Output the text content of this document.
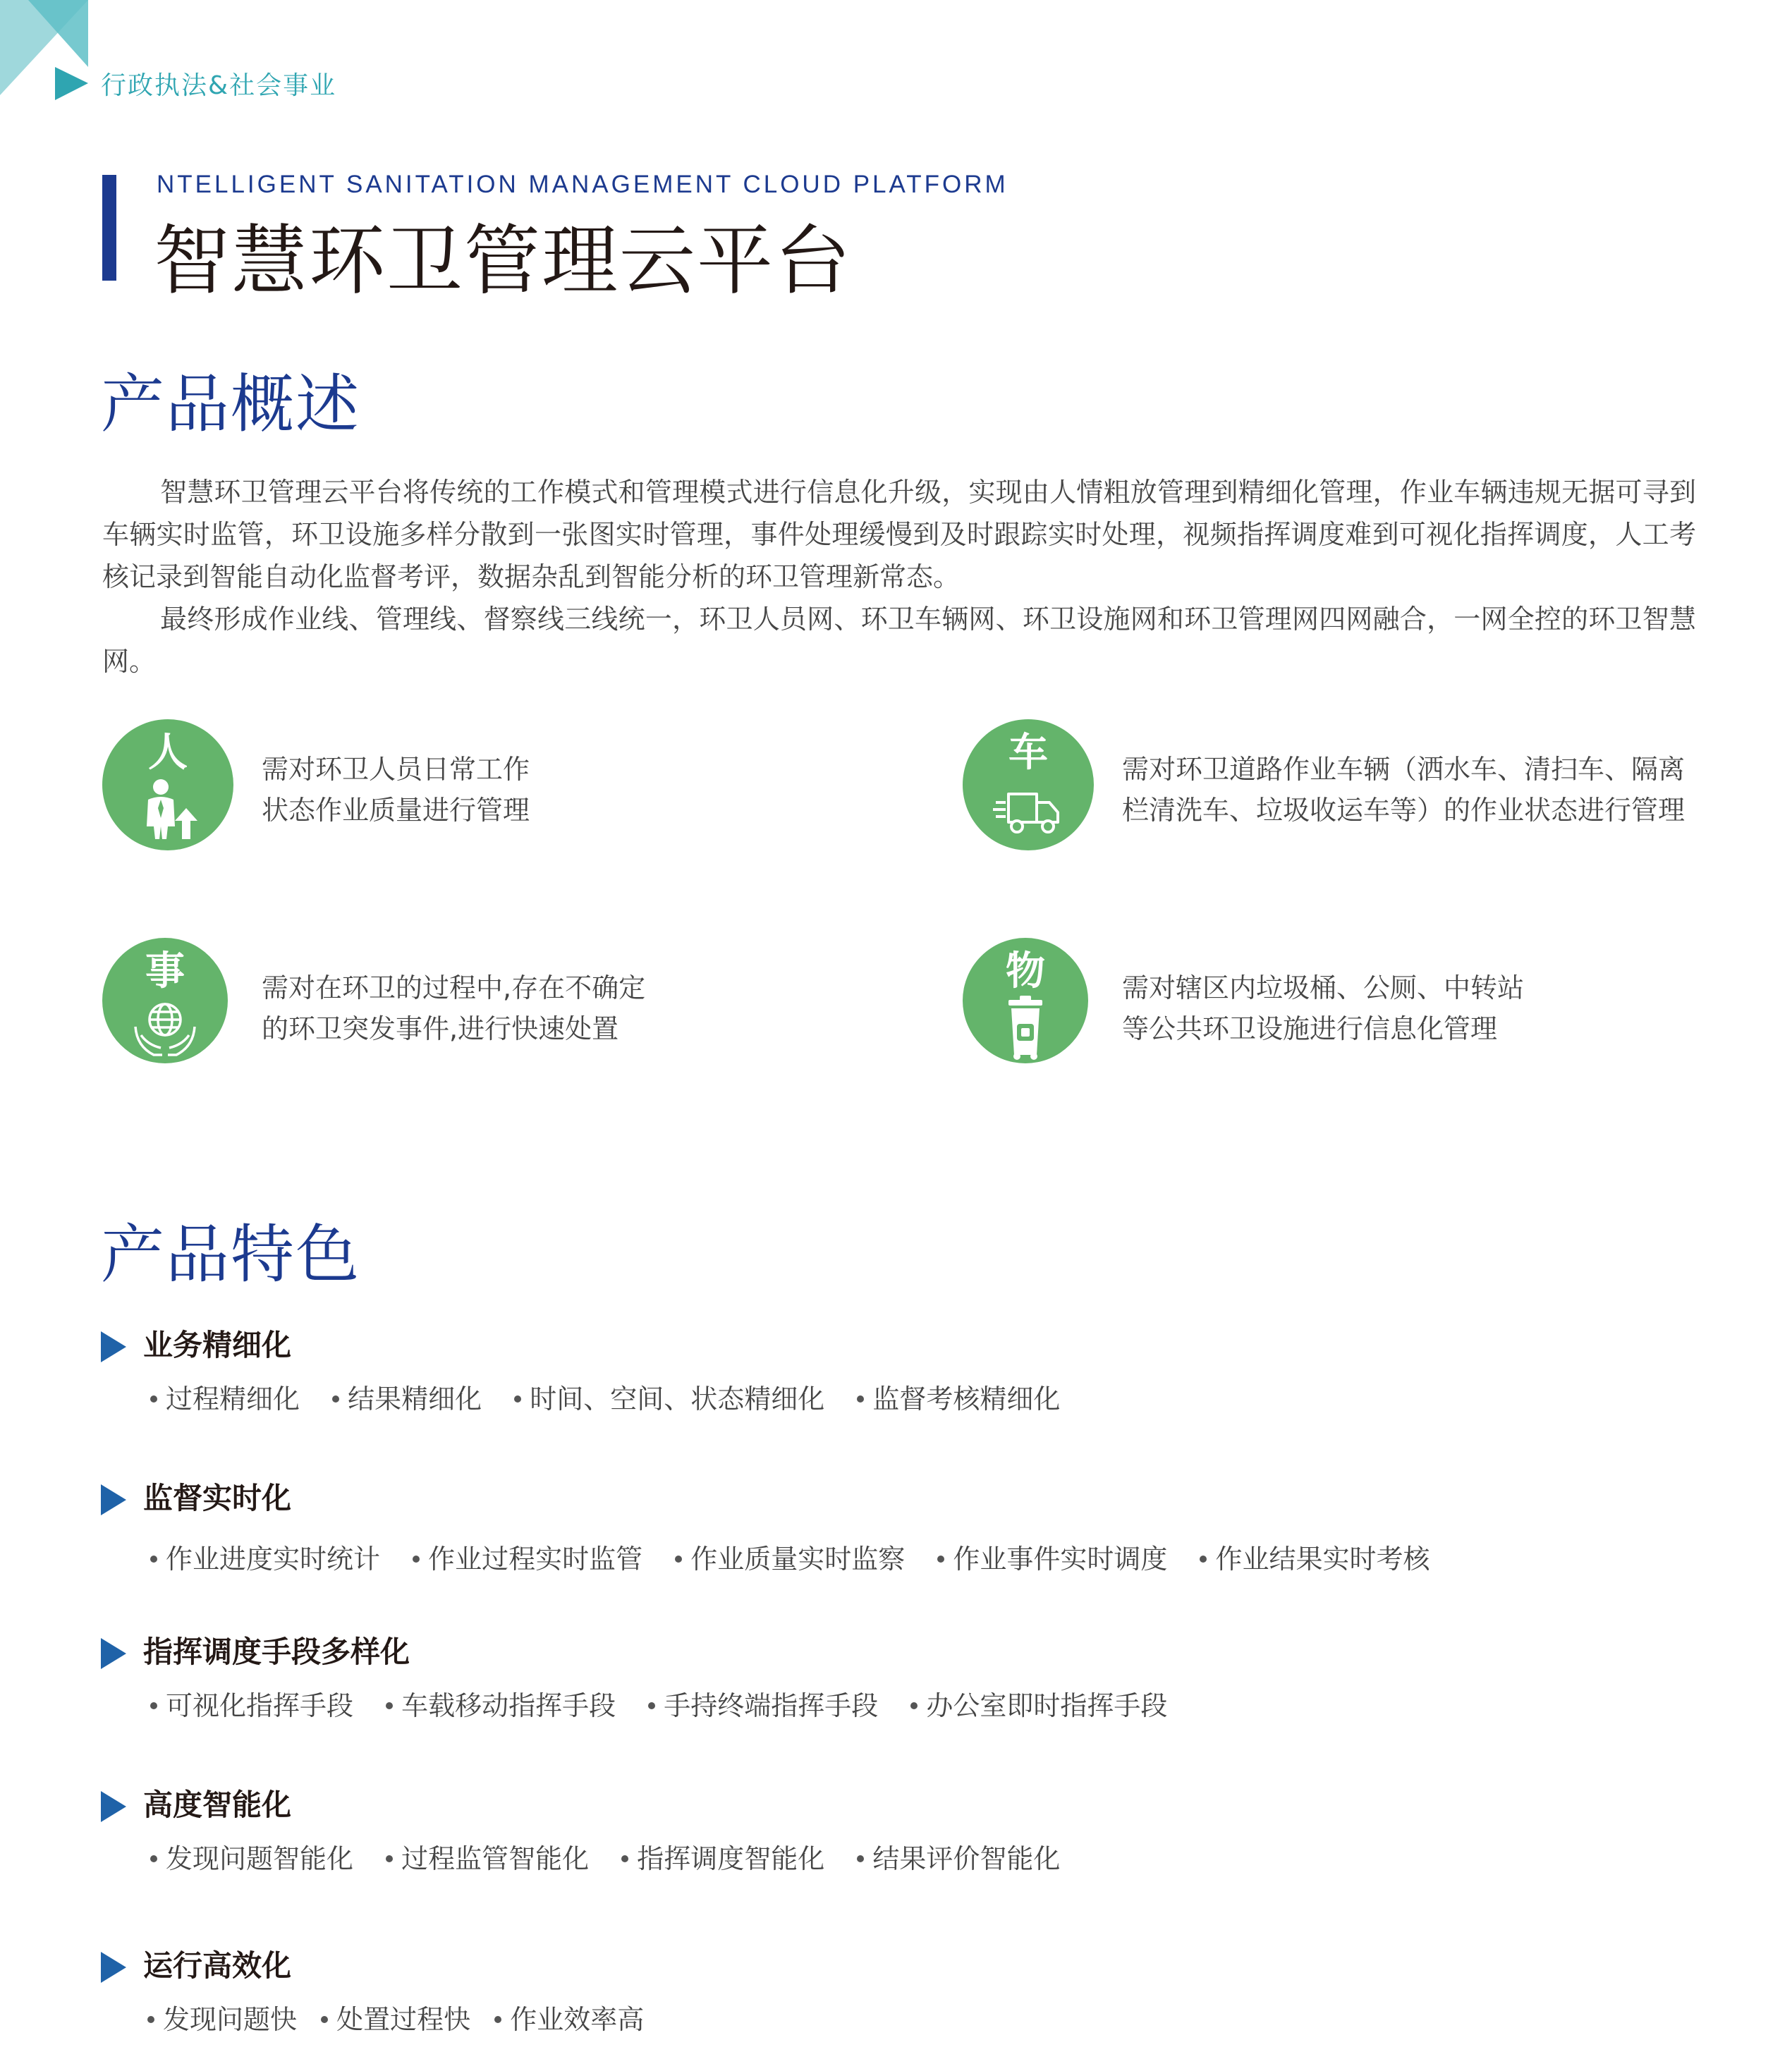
行政执法&社会事业
NTELLIGENT SANITATION MANAGEMENT CLOUD PLATFORM
智慧环卫管理云平台
产品概述

智慧环卫管理云平台将传统的工作模式和管理模式进行信息化升级，实现由人情粗放管理到精细化管理，作业车辆违规无据可寻到车辆实时监管，环卫设施多样分散到一张图实时管理，事件处理缓慢到及时跟踪实时处理，视频指挥调度难到可视化指挥调度，人工考核记录到智能自动化监督考评，数据杂乱到智能分析的环卫管理新常态。

最终形成作业线、管理线、督察线三线统一，环卫人员网、环卫车辆网、环卫设施网和环卫管理网四网融合，一网全控的环卫智慧网。

人	需对环卫人员日常工作
状态作业质量进行管理
车	需对环卫道路作业车辆（洒水车、清扫车、隔离
栏清洗车、垃圾收运车等）的作业状态进行管理
事	需对在环卫的过程中,存在不确定
的环卫突发事件,进行快速处置
物	需对辖区内垃圾桶、公厕、中转站
等公共环卫设施进行信息化管理
产品特色
业务精细化
过程精细化 结果精细化 时间、空间、状态精细化 监督考核精细化
监督实时化
作业进度实时统计 作业过程实时监管 作业质量实时监察 作业事件实时调度 作业结果实时考核
指挥调度手段多样化
可视化指挥手段 车载移动指挥手段 手持终端指挥手段 办公室即时指挥手段
高度智能化
发现问题智能化 过程监管智能化 指挥调度智能化 结果评价智能化
运行高效化
发现问题快 处置过程快 作业效率高
